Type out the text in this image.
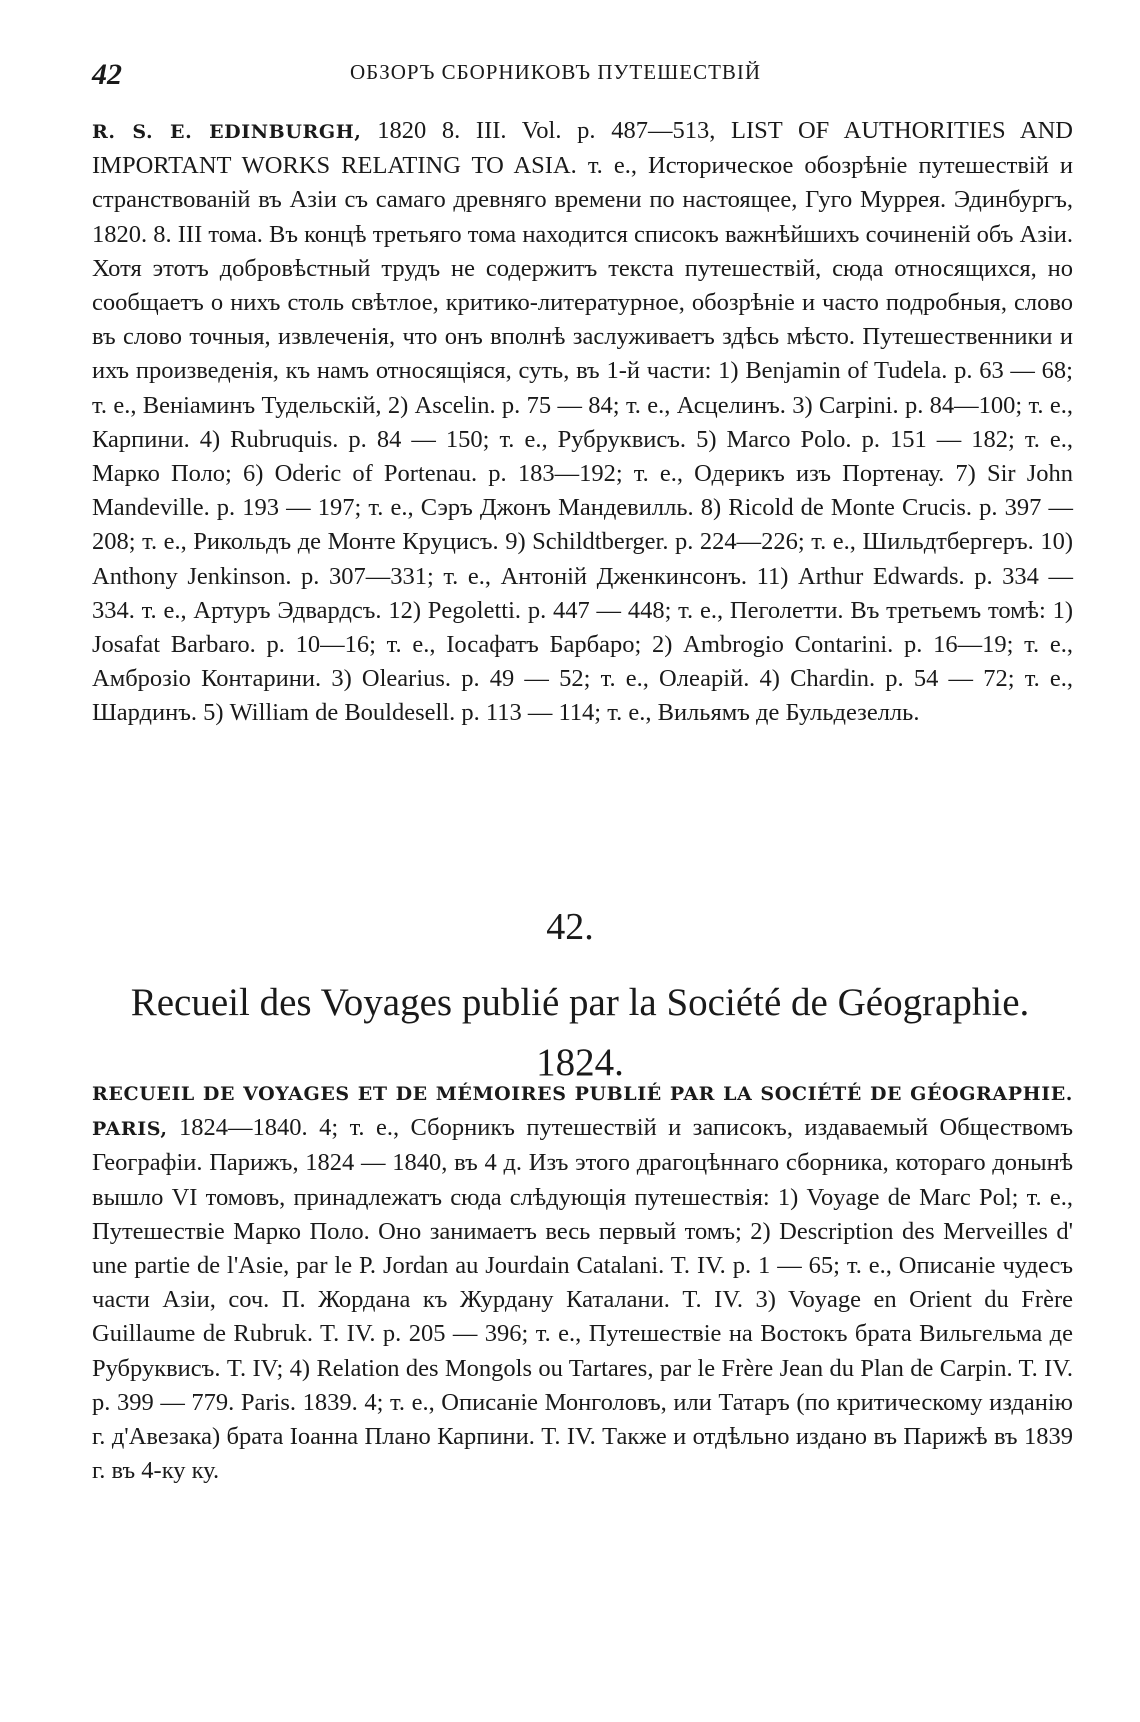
42	ОБЗОРЪ СБОРНИКОВЪ ПУТЕШЕСТВІЙ
R. S. E. EDINBURGH, 1820 8. III. Vol. p. 487—513, LIST OF AUTHORITIES AND IMPORTANT WORKS RELATING TO ASIA. т. е., Историческое обозрѣніе путешествій и странствованій въ Азіи съ самаго древняго времени по настоящее, Гуго Муррея. Эдинбургъ, 1820. 8. III тома. Въ концѣ третьяго тома находится списокъ важнѣйшихъ сочиненій объ Азіи. Хотя этотъ добровѣстный трудъ не содержитъ текста путешествій, сюда относящихся, но сообщаетъ о нихъ столь свѣтлое, критико-литературное, обозрѣніе и часто подробныя, слово въ слово точныя, извлеченія, что онъ вполнѣ заслуживаетъ здѣсь мѣсто. Путешественники и ихъ произведенія, къ намъ относящіяся, суть, въ 1-й части: 1) Benjamin of Tudela. p. 63 — 68; т. е., Веніаминъ Тудельскій, 2) Ascelin. p. 75 — 84; т. е., Асцелинъ. 3) Carpini. p. 84—100; т. е., Карпини. 4) Rubruquis. p. 84 — 150; т. е., Рубруквисъ. 5) Marco Polo. p. 151 — 182; т. е., Марко Поло; 6) Oderic of Portenau. p. 183—192; т. е., Одерикъ изъ Портенау. 7) Sir John Mandeville. p. 193 — 197; т. е., Сэръ Джонъ Мандевилль. 8) Ricold de Monte Crucis. p. 397 — 208; т. е., Рикольдъ де Монте Круцисъ. 9) Schildtberger. p. 224—226; т. е., Шильдтбергеръ. 10) Anthony Jenkinson. p. 307—331; т. е., Антоній Дженкинсонъ. 11) Arthur Edwards. p. 334 — 334. т. е., Артуръ Эдвардсъ. 12) Pegoletti. p. 447 — 448; т. е., Пеголетти. Въ третьемъ томѣ: 1) Josafat Barbaro. p. 10—16; т. е., Іосафатъ Барбаро; 2) Ambrogio Contarini. p. 16—19; т. е., Амброзіо Контарини. 3) Olearius. p. 49 — 52; т. е., Олеарій. 4) Chardin. p. 54 — 72; т. е., Шардинъ. 5) William de Bouldesell. p. 113 — 114; т. е., Вильямъ де Бульдезелль.
42.
Recueil des Voyages publié par la Société de Géographie. 1824.
RECUEIL DE VOYAGES ET DE MÉMOIRES PUBLIÉ PAR LA SOCIÉTÉ DE GÉOGRAPHIE. PARIS, 1824—1840. 4; т. е., Сборникъ путешествій и записокъ, издаваемый Обществомъ Географіи. Парижъ, 1824 — 1840, въ 4 д. Изъ этого драгоцѣннаго сборника, котораго донынѣ вышло VI томовъ, принадлежатъ сюда слѣдующія путешествія: 1) Voyage de Marc Pol; т. е., Путешествіе Марко Поло. Оно занимаетъ весь первый томъ; 2) Description des Merveilles d' une partie de l'Asie, par le P. Jordan au Jourdain Catalani. T. IV. p. 1 — 65; т. е., Описаніе чудесъ части Азіи, соч. П. Жордана къ Журдану Каталани. T. IV. 3) Voyage en Orient du Frère Guillaume de Rubruk. T. IV. p. 205 — 396; т. е., Путешествіе на Востокъ брата Вильгельма де Рубруквисъ. T. IV; 4) Relation des Mongols ou Tartares, par le Frère Jean du Plan de Carpin. T. IV. p. 399 — 779. Paris. 1839. 4; т. е., Описаніе Монголовъ, или Татаръ (по критическому изданію г. д'Авезака) брата Іоанна Плано Карпини. T. IV. Также и отдѣльно издано въ Парижѣ въ 1839 г. въ 4-ку ку.
